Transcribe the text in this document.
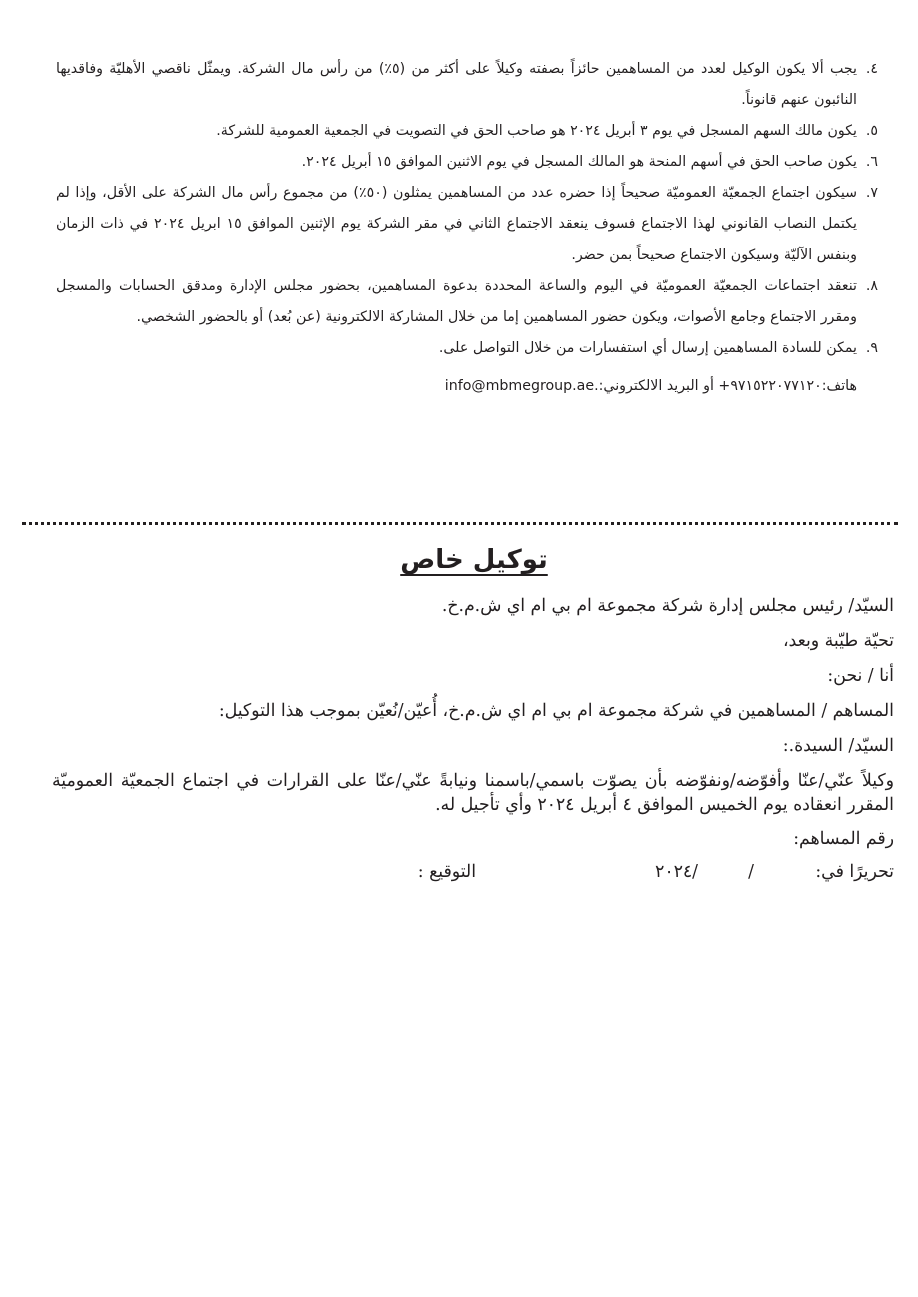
٤.
يجب ألا يكون الوكيل لعدد من المساهمين حائزاً بصفته وكيلاً على أكثر من (٥٪) من رأس مال الشركة. ويمثّل ناقصي الأهليّة وفاقديها النائبون عنهم قانوناً.
٥.
يكون مالك السهم المسجل في يوم ٣ أبريل ٢٠٢٤ هو صاحب الحق في التصويت في الجمعية العمومية للشركة.
٦.
يكون صاحب الحق في أسهم المنحة هو المالك المسجل في يوم الاثنين الموافق ١٥ أبريل ٢٠٢٤.
٧.
سيكون اجتماع الجمعيّة العموميّة صحيحاً إذا حضره عدد من المساهمين يمثلون (٥٠٪) من مجموع رأس مال الشركة على الأقل، وإذا لم يكتمل النصاب القانوني لهذا الاجتماع فسوف ينعقد الاجتماع الثاني في مقر الشركة يوم الإثنين الموافق ١٥ ابريل ٢٠٢٤ في ذات الزمان وبنفس الآليّة وسيكون الاجتماع صحيحاً بمن حضر.
٨.
تنعقد اجتماعات الجمعيّة العموميّة في اليوم والساعة المحددة بدعوة المساهمين، بحضور مجلس الإدارة ومدقق الحسابات والمسجل ومقرر الاجتماع وجامع الأصوات، ويكون حضور المساهمين إما من خلال المشاركة الالكترونية (عن بُعد) أو بالحضور الشخصي.
٩.
يمكن للسادة المساهمين إرسال أي استفسارات من خلال التواصل على.
هاتف:٩٧١٥٢٢٠٧٧١٢٠+ أو البريد الالكتروني:.info@mbmegroup.ae
توكيل خاص
السيّد/ رئيس مجلس إدارة شركة مجموعة ام بي ام اي ش.م.خ.
تحيّة طيّبة وبعد،
أنا / نحن:
المساهم / المساهمين في شركة مجموعة ام بي ام اي ش.م.خ، أُعيّن/نُعيّن بموجب هذا التوكيل:
السيّد/ السيدة.:
وكيلاً عنّي/عنّا وأفوّضه/ونفوّضه بأن يصوّت باسمي/باسمنا ونيابةً عنّي/عنّا على القرارات في اجتماع الجمعيّة العموميّة المقرر انعقاده يوم الخميس الموافق ٤ أبريل ٢٠٢٤ وأي تأجيل له.
رقم المساهم:
تحريرًا في:
/
/٢٠٢٤
التوقيع :
